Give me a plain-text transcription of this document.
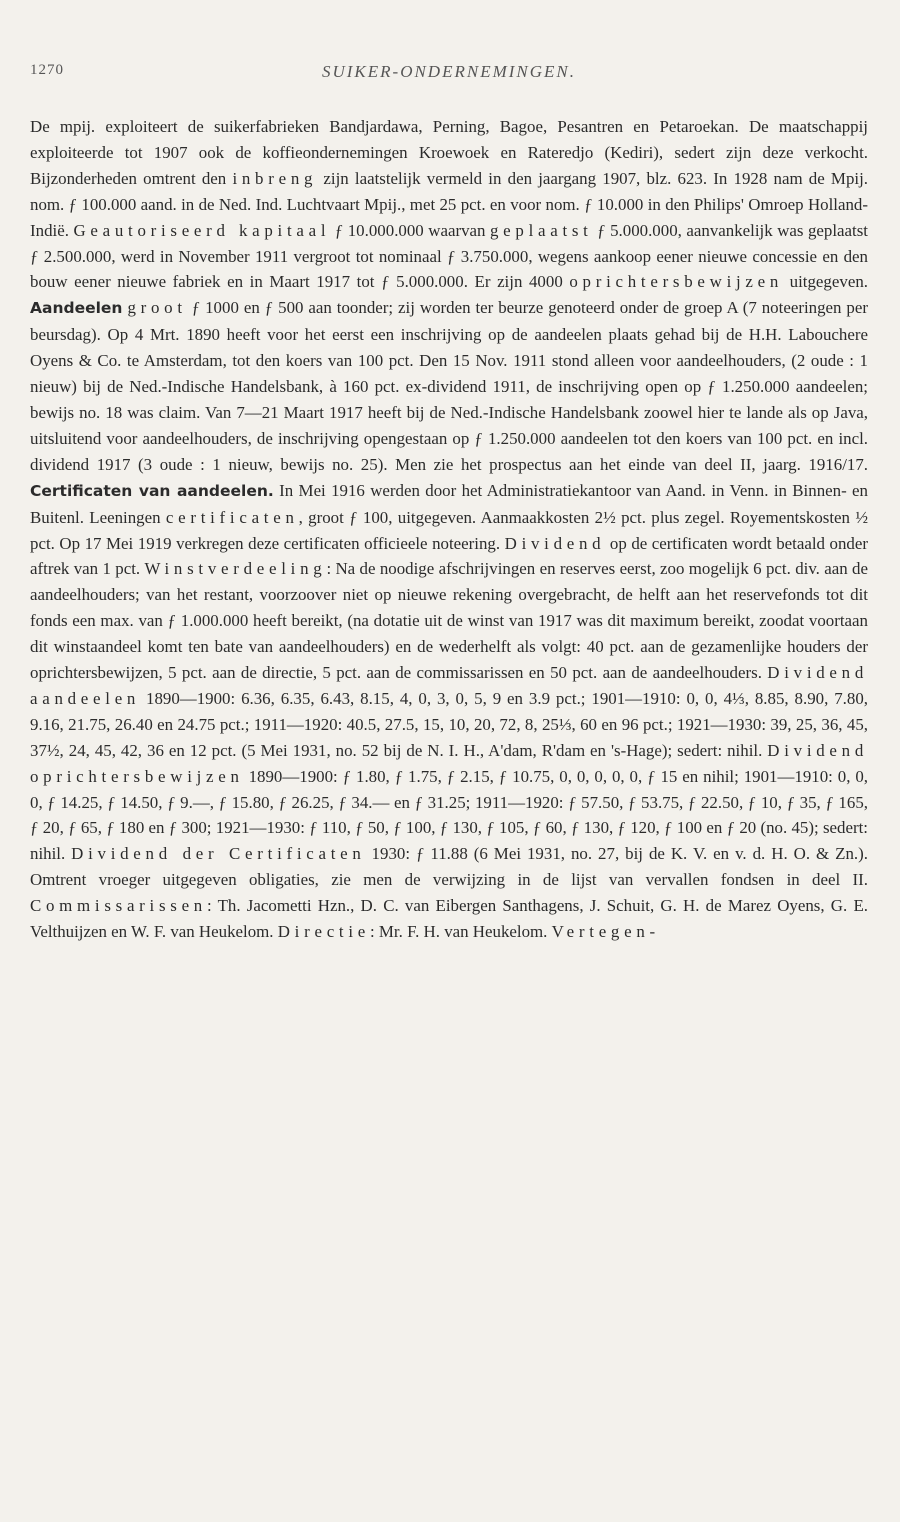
1270	SUIKER-ONDERNEMINGEN.

De mpij. exploiteert de suikerfabrieken Bandjardawa, Perning, Bagoe, Pesantren en Petaroekan. De maatschappij exploiteerde tot 1907 ook de koffieondernemingen Kroewoek en Rateredjo (Kediri), sedert zijn deze verkocht. Bijzonderheden omtrent den inbreng zijn laatstelijk vermeld in den jaargang 1907, blz. 623. In 1928 nam de Mpij. nom. ƒ 100.000 aand. in de Ned. Ind. Luchtvaart Mpij., met 25 pct. en voor nom. ƒ 10.000 in den Philips' Omroep Holland-Indië. Geautoriseerd kapitaal ƒ 10.000.000 waarvan geplaatst ƒ 5.000.000, aanvankelijk was geplaatst ƒ 2.500.000, werd in November 1911 vergroot tot nominaal ƒ 3.750.000, wegens aankoop eener nieuwe concessie en den bouw eener nieuwe fabriek en in Maart 1917 tot ƒ 5.000.000. Er zijn 4000 oprichtersbewijzen uitgegeven. Aandeelen groot ƒ 1000 en ƒ 500 aan toonder; zij worden ter beurze genoteerd onder de groep A (7 noteeringen per beursdag). Op 4 Mrt. 1890 heeft voor het eerst een inschrijving op de aandeelen plaats gehad bij de H.H. Labouchere Oyens & Co. te Amsterdam, tot den koers van 100 pct. Den 15 Nov. 1911 stond alleen voor aandeelhouders, (2 oude : 1 nieuw) bij de Ned.-Indische Handelsbank, à 160 pct. ex-dividend 1911, de inschrijving open op ƒ 1.250.000 aandeelen; bewijs no. 18 was claim. Van 7—21 Maart 1917 heeft bij de Ned.-Indische Handelsbank zoowel hier te lande als op Java, uitsluitend voor aandeelhouders, de inschrijving opengestaan op ƒ 1.250.000 aandeelen tot den koers van 100 pct. en incl. dividend 1917 (3 oude : 1 nieuw, bewijs no. 25). Men zie het prospectus aan het einde van deel II, jaarg. 1916/17. Certificaten van aandeelen. In Mei 1916 werden door het Administratiekantoor van Aand. in Venn. in Binnen- en Buitenl. Leeningen certificaten, groot ƒ 100, uitgegeven. Aanmaakkosten 2½ pct. plus zegel. Royementskosten ½ pct. Op 17 Mei 1919 verkregen deze certificaten officieele noteering. Dividend op de certificaten wordt betaald onder aftrek van 1 pct. Winstverdeeling: Na de noodige afschrijvingen en reserves eerst, zoo mogelijk 6 pct. div. aan de aandeelhouders; van het restant, voorzoover niet op nieuwe rekening overgebracht, de helft aan het reservefonds tot dit fonds een max. van ƒ 1.000.000 heeft bereikt, (na dotatie uit de winst van 1917 was dit maximum bereikt, zoodat voortaan dit winstaandeel komt ten bate van aandeelhouders) en de wederhelft als volgt: 40 pct. aan de gezamenlijke houders der oprichtersbewijzen, 5 pct. aan de directie, 5 pct. aan de commissarissen en 50 pct. aan de aandeelhouders. Dividend aandeelen 1890—1900: 6.36, 6.35, 6.43, 8.15, 4, 0, 3, 0, 5, 9 en 3.9 pct.; 1901—1910: 0, 0, 4⅓, 8.85, 8.90, 7.80, 9.16, 21.75, 26.40 en 24.75 pct.; 1911—1920: 40.5, 27.5, 15, 10, 20, 72, 8, 25⅓, 60 en 96 pct.; 1921—1930: 39, 25, 36, 45, 37½, 24, 45, 42, 36 en 12 pct. (5 Mei 1931, no. 52 bij de N. I. H., A'dam, R'dam en 's-Hage); sedert: nihil. Dividend oprichtersbewijzen 1890—1900: ƒ 1.80, ƒ 1.75, ƒ 2.15, ƒ 10.75, 0, 0, 0, 0, 0, ƒ 15 en nihil; 1901—1910: 0, 0, 0, ƒ 14.25, ƒ 14.50, ƒ 9.—, ƒ 15.80, ƒ 26.25, ƒ 34.— en ƒ 31.25; 1911—1920: ƒ 57.50, ƒ 53.75, ƒ 22.50, ƒ 10, ƒ 35, ƒ 165, ƒ 20, ƒ 65, ƒ 180 en ƒ 300; 1921—1930: ƒ 110, ƒ 50, ƒ 100, ƒ 130, ƒ 105, ƒ 60, ƒ 130, ƒ 120, ƒ 100 en ƒ 20 (no. 45); sedert: nihil. Dividend der Certificaten 1930: ƒ 11.88 (6 Mei 1931, no. 27, bij de K. V. en v. d. H. O. & Zn.). Omtrent vroeger uitgegeven obligaties, zie men de verwijzing in de lijst van vervallen fondsen in deel II. Commissarissen: Th. Jacometti Hzn., D. C. van Eibergen Santhagens, J. Schuit, G. H. de Marez Oyens, G. E. Velthuijzen en W. F. van Heukelom. Directie: Mr. F. H. van Heukelom. Vertegen-
